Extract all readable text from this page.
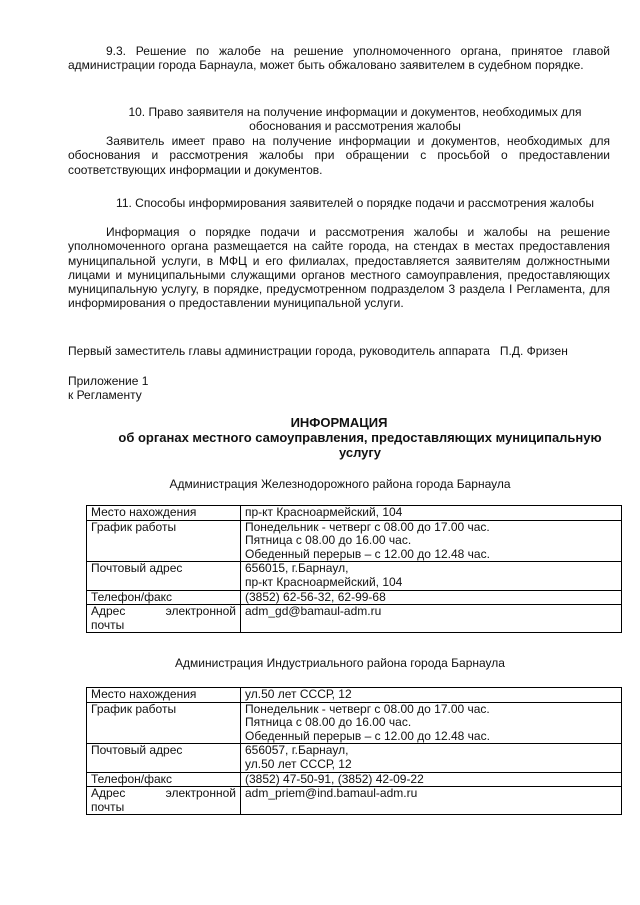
9.3. Решение по жалобе на решение уполномоченного органа, принятое главой администрации города Барнаула, может быть обжаловано заявителем в судебном порядке.

10. Право заявителя на получение информации и документов, необходимых для обоснования и рассмотрения жалобы

Заявитель имеет право на получение информации и документов, необходимых для обоснования и рассмотрения жалобы при обращении с просьбой о предоставлении соответствующих информации и документов.

11. Способы информирования заявителей о порядке подачи и рассмотрения жалобы

Информация о порядке подачи и рассмотрения жалобы и жалобы на решение уполномоченного органа размещается на сайте города, на стендах в местах предоставления муниципальной услуги, в МФЦ и его филиалах, предоставляется заявителям должностными лицами и муниципальными служащими органов местного самоуправления, предоставляющих муниципальную услугу, в порядке, предусмотренном подразделом 3 раздела I Регламента, для информирования о предоставлении муниципальной услуги.

Первый заместитель главы администрации города, руководитель аппарата   П.Д. Фризен

Приложение 1

к Регламенту

ИНФОРМАЦИЯ

об органах местного самоуправления, предоставляющих муниципальную услугу

Администрация Железнодорожного района города Барнаула

Место нахождения	пр-кт Красноармейский, 104
График работы	Понедельник - четверг с 08.00 до 17.00 час.
Пятница с 08.00 до 16.00 час.
Обеденный перерыв – с 12.00 до 12.48 час.

Почтовый адрес	656015, г.Барнаул,
пр-кт Красноармейский, 104

Телефон/факс	(3852) 62-56-32, 62-99-68

Адрес электронной
почты	adm_gd@bamaul-adm.ru

Администрация Индустриального района города Барнаула

Место нахождения	ул.50 лет СССР, 12
График работы	Понедельник - четверг с 08.00 до 17.00 час.
Пятница с 08.00 до 16.00 час.
Обеденный перерыв – с 12.00 до 12.48 час.

Почтовый адрес	656057, г.Барнаул,
ул.50 лет СССР, 12

Телефон/факс	(3852) 47-50-91, (3852) 42-09-22

Адрес электронной
почты	adm_priem@ind.bamaul-adm.ru
